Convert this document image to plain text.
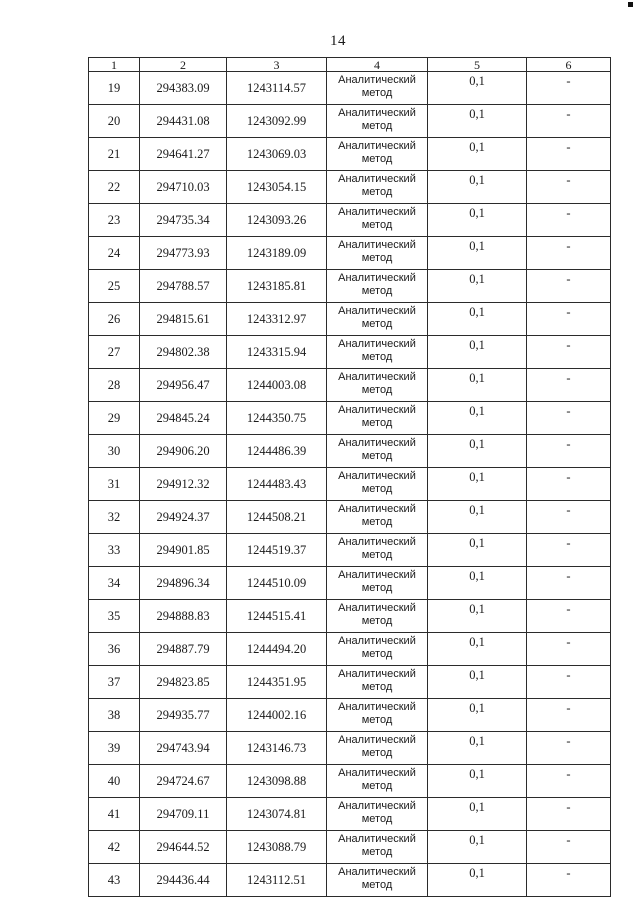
14
1	2	3	4	5	6
19	294383.09	1243114.57	Аналитический метод	0,1	-
20	294431.08	1243092.99	Аналитический метод	0,1	-
21	294641.27	1243069.03	Аналитический метод	0,1	-
22	294710.03	1243054.15	Аналитический метод	0,1	-
23	294735.34	1243093.26	Аналитический метод	0,1	-
24	294773.93	1243189.09	Аналитический метод	0,1	-
25	294788.57	1243185.81	Аналитический метод	0,1	-
26	294815.61	1243312.97	Аналитический метод	0,1	-
27	294802.38	1243315.94	Аналитический метод	0,1	-
28	294956.47	1244003.08	Аналитический метод	0,1	-
29	294845.24	1244350.75	Аналитический метод	0,1	-
30	294906.20	1244486.39	Аналитический метод	0,1	-
31	294912.32	1244483.43	Аналитический метод	0,1	-
32	294924.37	1244508.21	Аналитический метод	0,1	-
33	294901.85	1244519.37	Аналитический метод	0,1	-
34	294896.34	1244510.09	Аналитический метод	0,1	-
35	294888.83	1244515.41	Аналитический метод	0,1	-
36	294887.79	1244494.20	Аналитический метод	0,1	-
37	294823.85	1244351.95	Аналитический метод	0,1	-
38	294935.77	1244002.16	Аналитический метод	0,1	-
39	294743.94	1243146.73	Аналитический метод	0,1	-
40	294724.67	1243098.88	Аналитический метод	0,1	-
41	294709.11	1243074.81	Аналитический метод	0,1	-
42	294644.52	1243088.79	Аналитический метод	0,1	-
43	294436.44	1243112.51	Аналитический метод	0,1	-
